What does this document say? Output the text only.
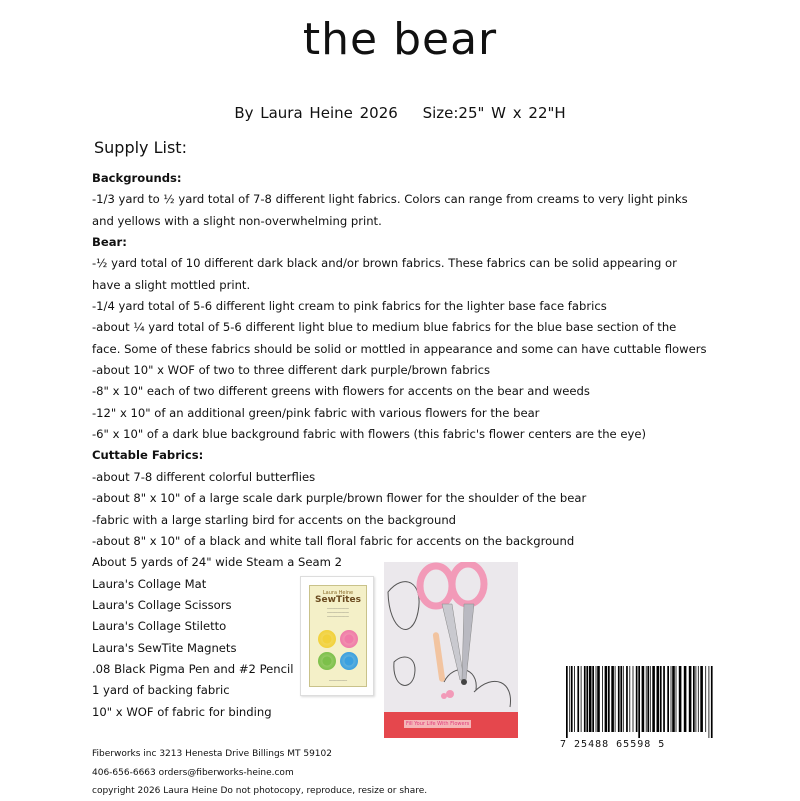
the bear
By Laura Heine 2026 Size:25" W x 22"H
Supply List:
Backgrounds:
-1/3 yard to ½ yard total of 7-8 different light fabrics. Colors can range from creams to very light pinks
and yellows with a slight non-overwhelming print.
Bear:
-½ yard total of 10 different dark black and/or brown fabrics. These fabrics can be solid appearing or
have a slight mottled print.
-1/4 yard total of 5-6 different light cream to pink fabrics for the lighter base face fabrics
-about ¼ yard total of 5-6 different light blue to medium blue fabrics for the blue base section of the
face. Some of these fabrics should be solid or mottled in appearance and some can have cuttable flowers
-about 10" x WOF of two to three different dark purple/brown fabrics
-8" x 10" each of two different greens with flowers for accents on the bear and weeds
-12" x 10" of an additional green/pink fabric with various flowers for the bear
-6" x 10" of a dark blue background fabric with flowers (this fabric's flower centers are the eye)
Cuttable Fabrics:
-about 7-8 different colorful butterflies
-about 8" x 10" of a large scale dark purple/brown flower for the shoulder of the bear
-fabric with a large starling bird for accents on the background
-about 8" x 10" of a black and white tall floral fabric for accents on the background
About 5 yards of 24" wide Steam a Seam 2
Laura's Collage Mat
Laura's Collage Scissors
Laura's Collage Stiletto
Laura's SewTite Magnets
.08 Black Pigma Pen and #2 Pencil
1 yard of backing fabric
10" x WOF of fabric for binding
Laura Heine
SewTites
────────────
────────────
────────────
──────────
Fill Your Life With Flowers
7 25488 65598 5
Fiberworks inc 3213 Henesta Drive Billings MT 59102
406-656-6663 orders@fiberworks-heine.com
copyright 2026 Laura Heine Do not photocopy, reproduce, resize or share.
